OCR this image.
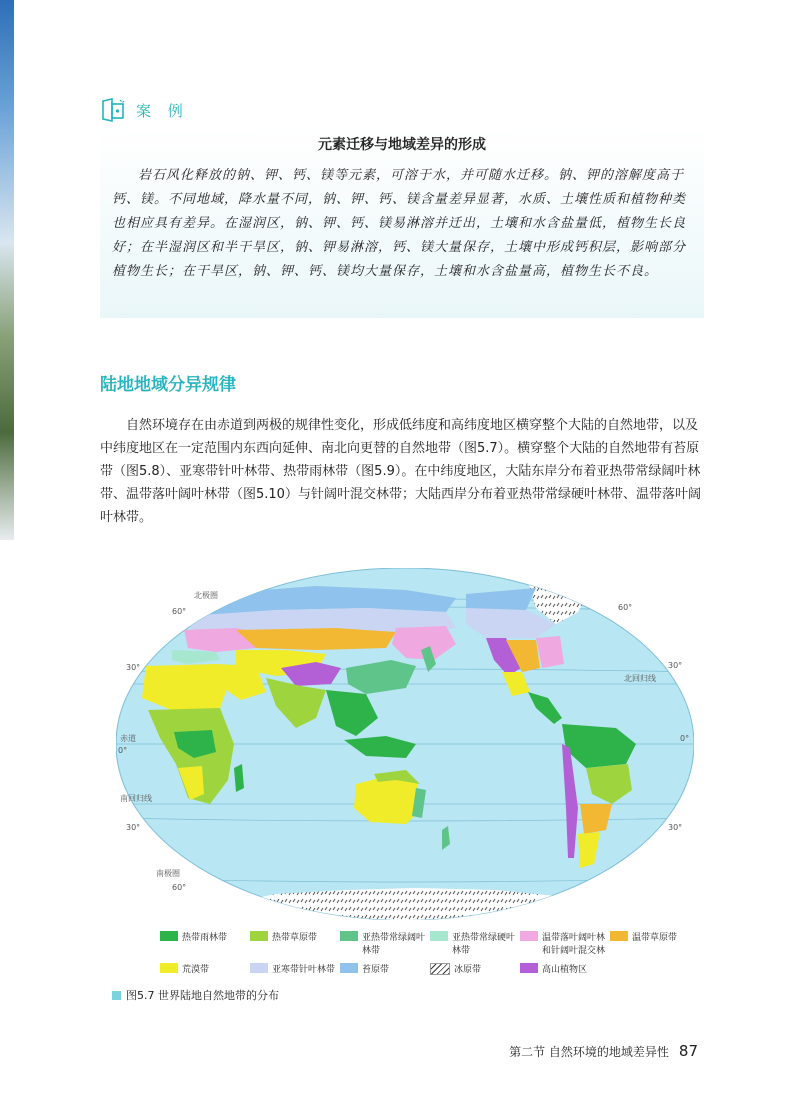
案 例
元素迁移与地域差异的形成
岩石风化释放的钠、钾、钙、镁等元素，可溶于水，并可随水迁移。钠、钾的溶解度高于钙、镁。不同地域，降水量不同，钠、钾、钙、镁含量差异显著，水质、土壤性质和植物种类也相应具有差异。在湿润区，钠、钾、钙、镁易淋溶并迁出，土壤和水含盐量低，植物生长良好；在半湿润区和半干旱区，钠、钾易淋溶，钙、镁大量保存，土壤中形成钙积层，影响部分植物生长；在干旱区，钠、钾、钙、镁均大量保存，土壤和水含盐量高，植物生长不良。
陆地地域分异规律
自然环境存在由赤道到两极的规律性变化，形成低纬度和高纬度地区横穿整个大陆的自然地带，以及中纬度地区在一定范围内东西向延伸、南北向更替的自然地带（图5.7）。横穿整个大陆的自然地带有苔原带（图5.8）、亚寒带针叶林带、热带雨林带（图5.9）。在中纬度地区，大陆东岸分布着亚热带常绿阔叶林带、温带落叶阔叶林带（图5.10）与针阔叶混交林带；大陆西岸分布着亚热带常绿硬叶林带、温带落叶阔叶林带。
北极圈
北回归线
赤道
南回归线
南极圈
60°
30°
0°
30°
60°
60°
30°
0°
30°
热带雨林带	热带草原带	亚热带常绿阔叶林带
亚热带常绿硬叶林带
温带落叶阔叶林和针阔叶混交林
温带草原带
荒漠带	亚寒带针叶林带	苔原带	冰原带	高山植物区
图5.7 世界陆地自然地带的分布
第二节 自然环境的地域差异性 87
